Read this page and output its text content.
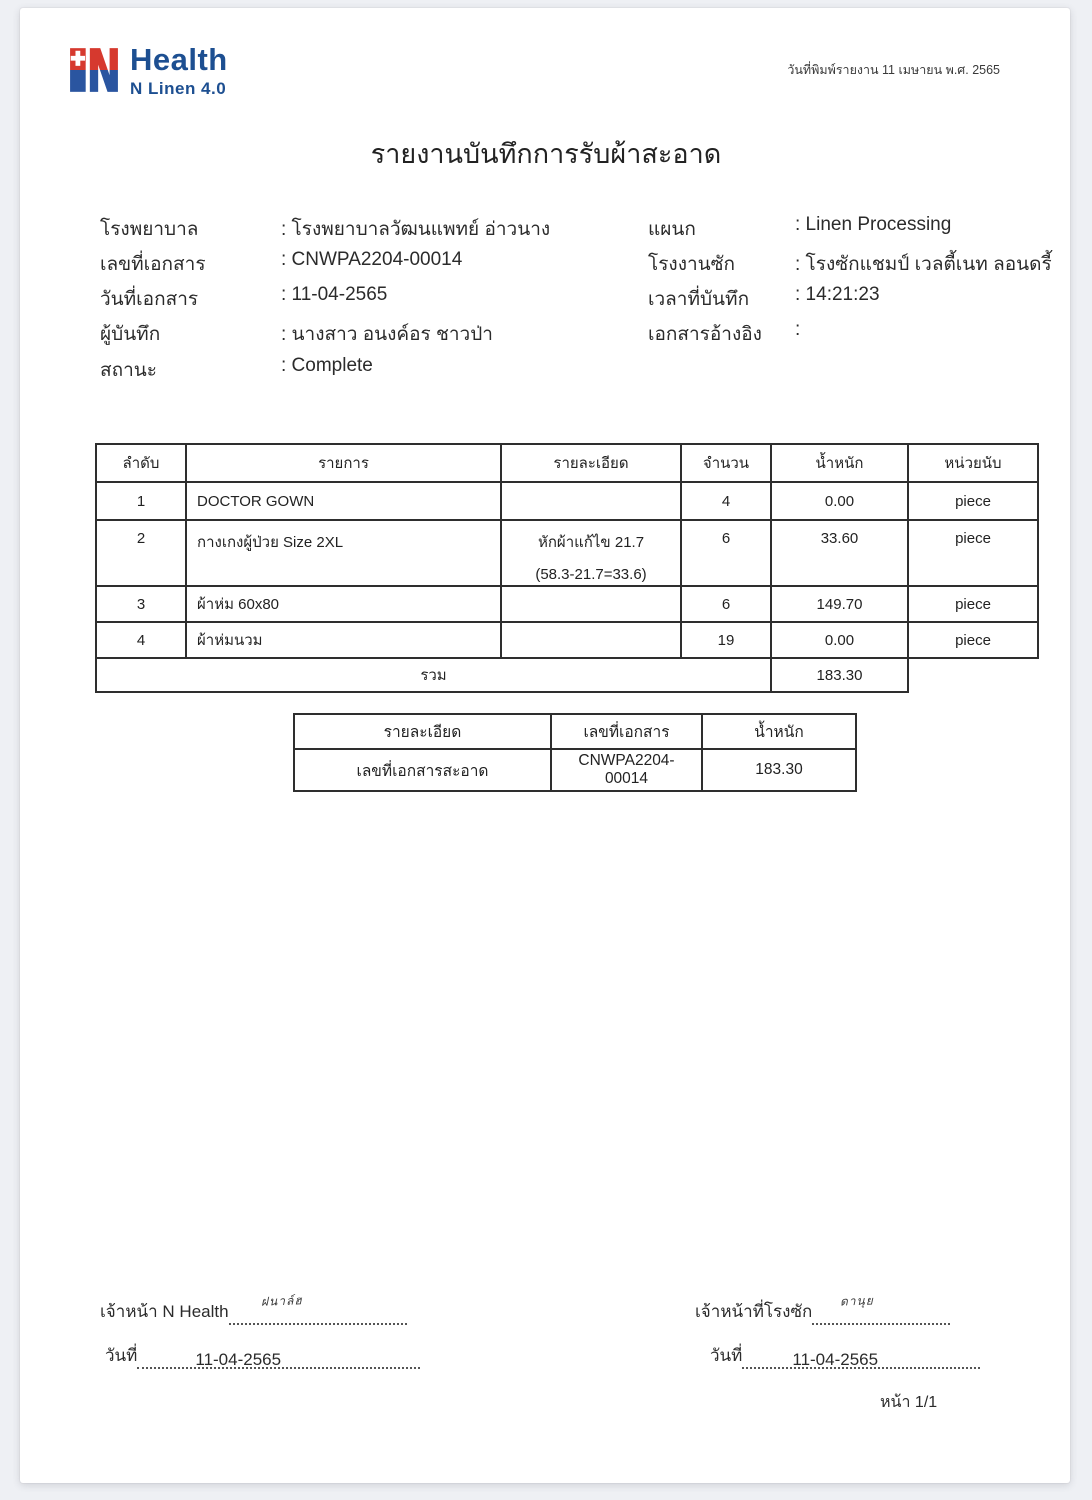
Health
N Linen 4.0
วันที่พิมพ์รายงาน 11 เมษายน พ.ศ. 2565
รายงานบันทึกการรับผ้าสะอาด
โรงพยาบาล	: โรงพยาบาลวัฒนแพทย์ อ่าวนาง
เลขที่เอกสาร	: CNWPA2204-00014
วันที่เอกสาร	: 11-04-2565
ผู้บันทึก	: นางสาว อนงค์อร ชาวป่า
สถานะ	: Complete
แผนก	: Linen Processing
โรงงานซัก	: โรงซักแชมป์ เวลตี้เนท ลอนดรี้
เวลาที่บันทึก : 14:21:23
เอกสารอ้างอิง :
ลำดับ	รายการ	รายละเอียด	จำนวน	น้ำหนัก	หน่วยนับ
1	DOCTOR GOWN		4	0.00	piece
2	กางเกงผู้ป่วย Size 2XL	หักผ้าแก้ไข 21.7
(58.3-21.7=33.6)	6	33.60	piece
3	ผ้าห่ม 60x80		6	149.70	piece
4	ผ้าห่มนวม		19	0.00	piece
รวม				183.30	
รายละเอียด	เลขที่เอกสาร	น้ำหนัก
เลขที่เอกสารสะอาด	CNWPA2204-00014	183.30
เจ้าหน้า N Health
ฝนาล์ฮ
วันที่	11-04-2565
เจ้าหน้าที่โรงซัก
ดานุย
วันที่	11-04-2565
หน้า 1/1
